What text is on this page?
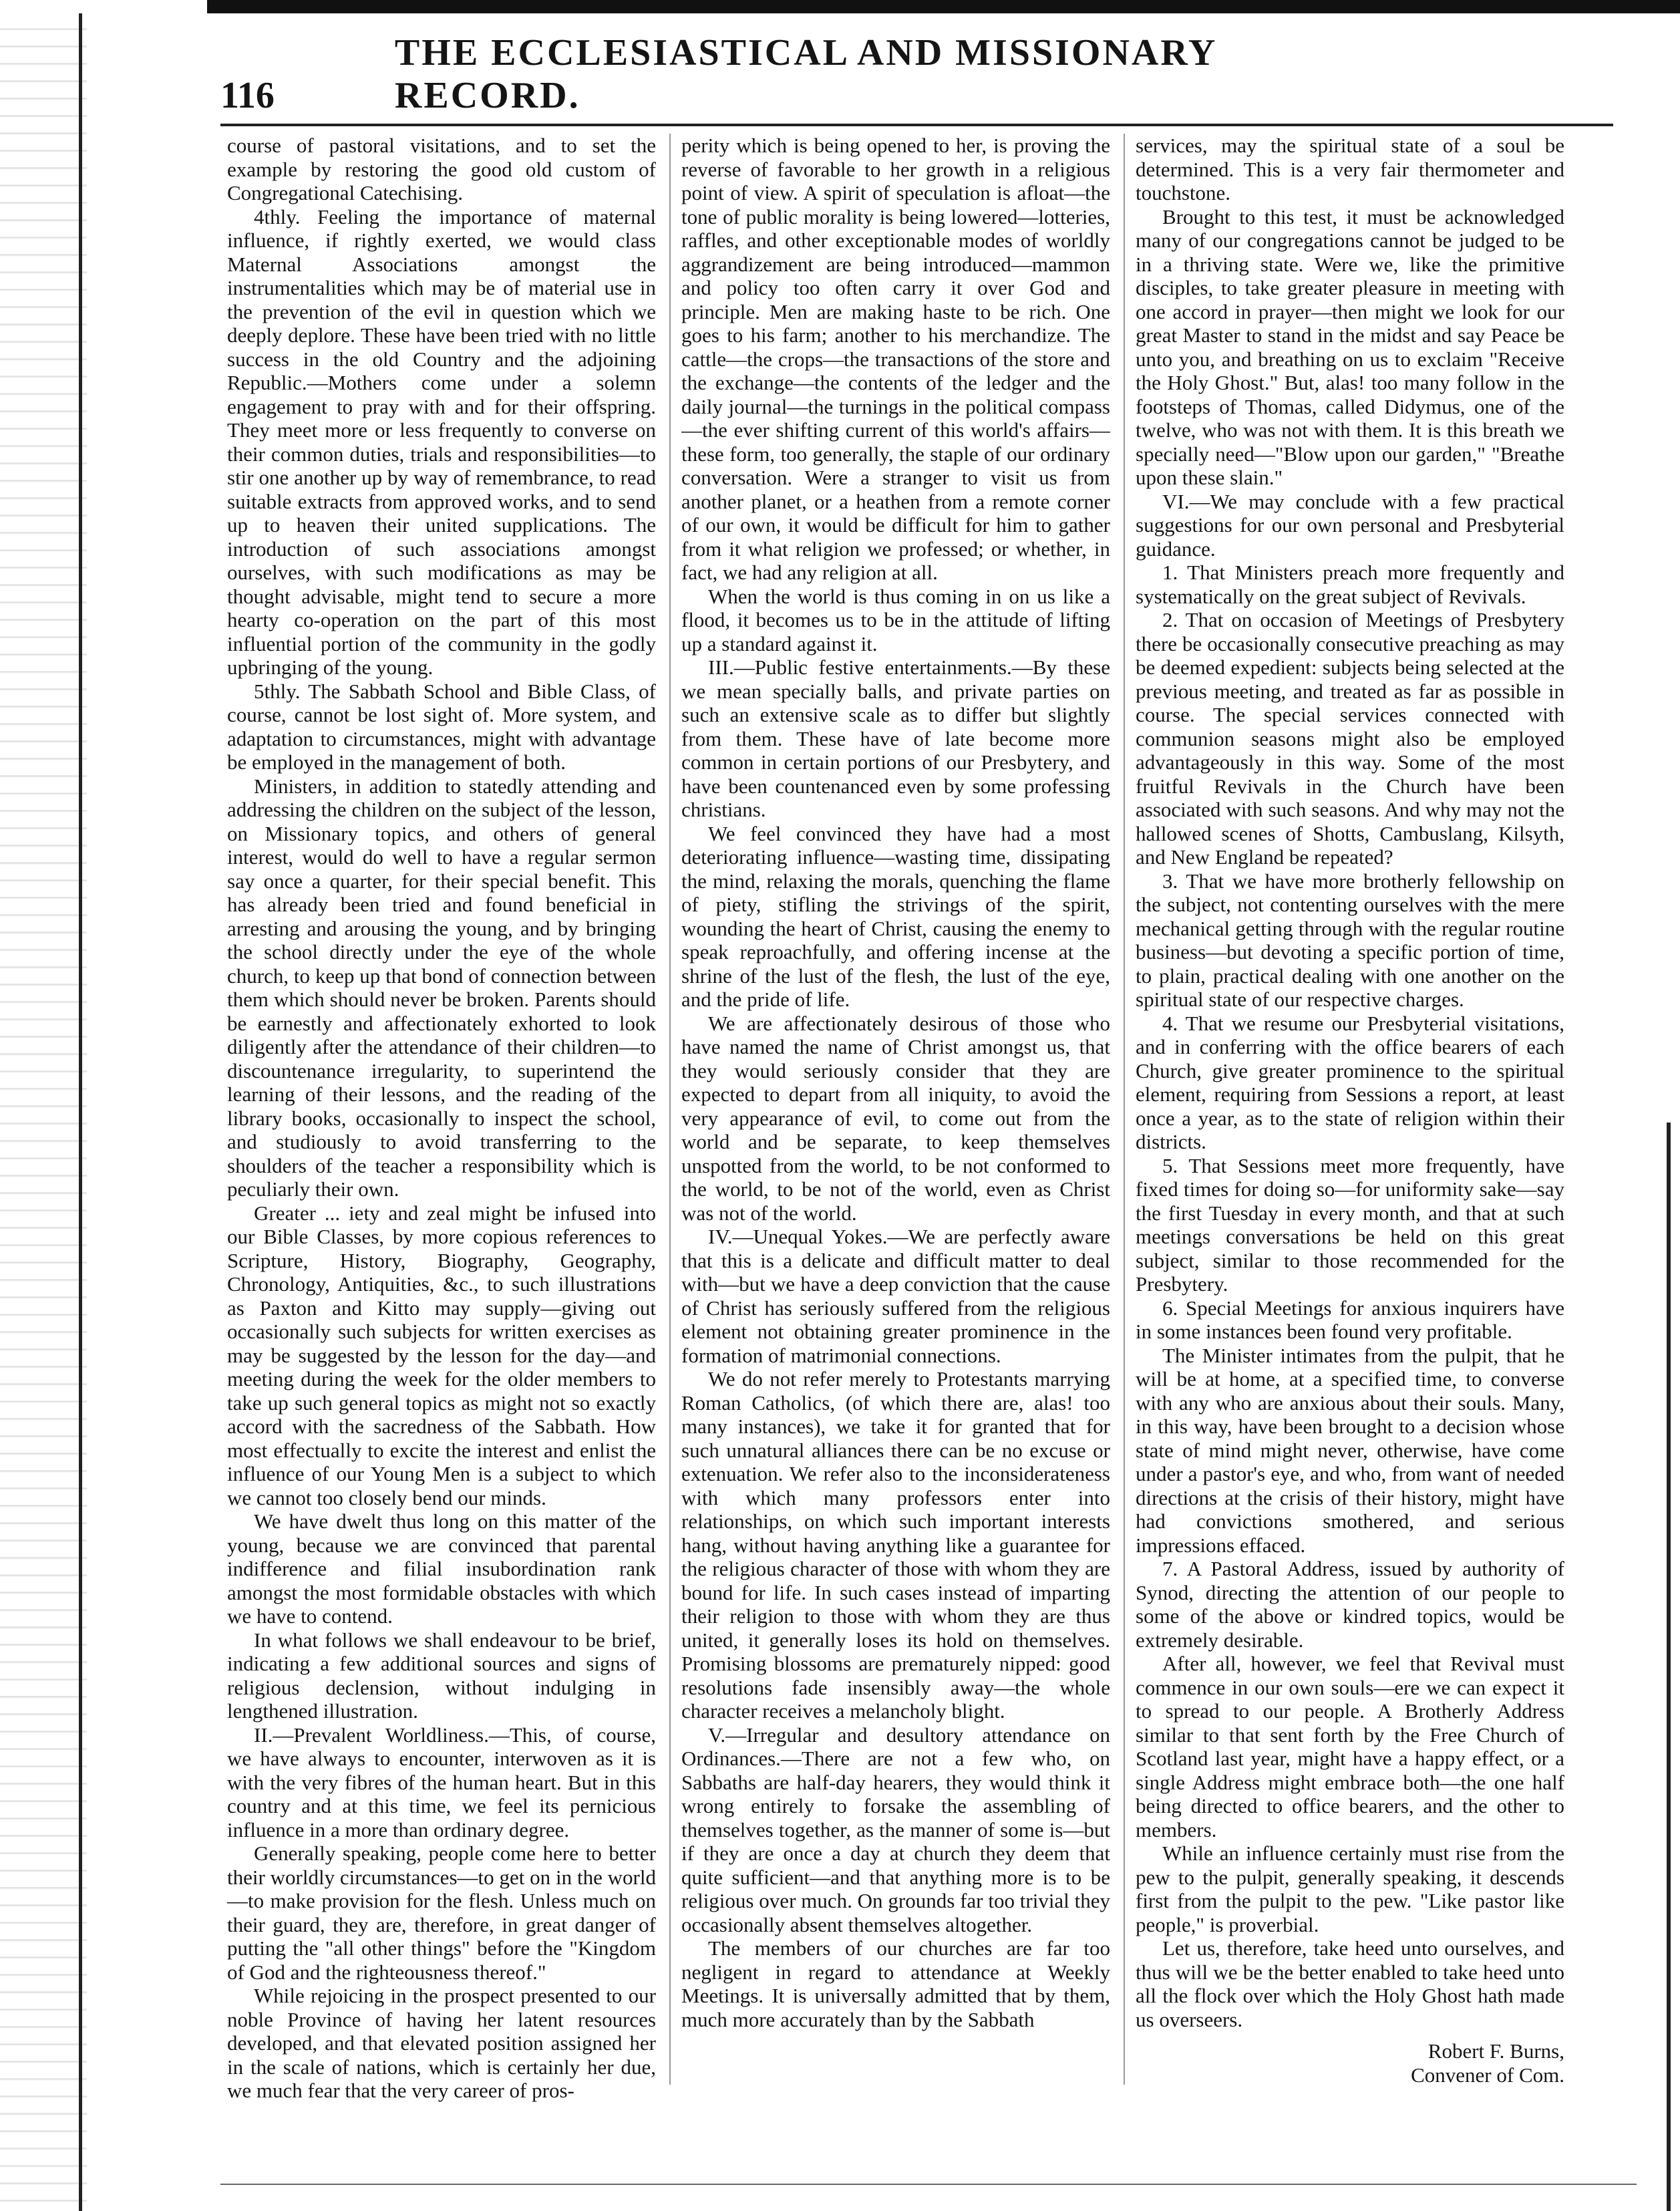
116
THE ECCLESIASTICAL AND MISSIONARY RECORD.

course of pastoral visitations, and to set the example by restoring the good old custom of Congregational Catechising.

4thly. Feeling the importance of maternal influence, if rightly exerted, we would class Maternal Associations amongst the instrumentalities which may be of material use in the prevention of the evil in question which we deeply deplore. These have been tried with no little success in the old Country and the adjoining Republic.—Mothers come under a solemn engagement to pray with and for their offspring. They meet more or less frequently to converse on their common duties, trials and responsibilities—to stir one another up by way of remembrance, to read suitable extracts from approved works, and to send up to heaven their united supplications. The introduction of such associations amongst ourselves, with such modifications as may be thought advisable, might tend to secure a more hearty co-operation on the part of this most influential portion of the community in the godly upbringing of the young.

5thly. The Sabbath School and Bible Class, of course, cannot be lost sight of. More system, and adaptation to circumstances, might with advantage be employed in the management of both.

Ministers, in addition to statedly attending and addressing the children on the subject of the lesson, on Missionary topics, and others of general interest, would do well to have a regular sermon say once a quarter, for their special benefit. This has already been tried and found beneficial in arresting and arousing the young, and by bringing the school directly under the eye of the whole church, to keep up that bond of connection between them which should never be broken. Parents should be earnestly and affectionately exhorted to look diligently after the attendance of their children—to discountenance irregularity, to superintend the learning of their lessons, and the reading of the library books, occasionally to inspect the school, and studiously to avoid transferring to the shoulders of the teacher a responsibility which is peculiarly their own.

Greater ... iety and zeal might be infused into our Bible Classes, by more copious references to Scripture, History, Biography, Geography, Chronology, Antiquities, &c., to such illustrations as Paxton and Kitto may supply—giving out occasionally such subjects for written exercises as may be suggested by the lesson for the day—and meeting during the week for the older members to take up such general topics as might not so exactly accord with the sacredness of the Sabbath. How most effectually to excite the interest and enlist the influence of our Young Men is a subject to which we cannot too closely bend our minds.

We have dwelt thus long on this matter of the young, because we are convinced that parental indifference and filial insubordination rank amongst the most formidable obstacles with which we have to contend.

In what follows we shall endeavour to be brief, indicating a few additional sources and signs of religious declension, without indulging in lengthened illustration.

II.—Prevalent Worldliness.—This, of course, we have always to encounter, interwoven as it is with the very fibres of the human heart. But in this country and at this time, we feel its pernicious influence in a more than ordinary degree.

Generally speaking, people come here to better their worldly circumstances—to get on in the world—to make provision for the flesh. Unless much on their guard, they are, therefore, in great danger of putting the "all other things" before the "Kingdom of God and the righteousness thereof."

While rejoicing in the prospect presented to our noble Province of having her latent resources developed, and that elevated position assigned her in the scale of nations, which is certainly her due, we much fear that the very career of pros-

perity which is being opened to her, is proving the reverse of favorable to her growth in a religious point of view. A spirit of speculation is afloat—the tone of public morality is being lowered—lotteries, raffles, and other exceptionable modes of worldly aggrandizement are being introduced—mammon and policy too often carry it over God and principle. Men are making haste to be rich. One goes to his farm; another to his merchandize. The cattle—the crops—the transactions of the store and the exchange—the contents of the ledger and the daily journal—the turnings in the political compass—the ever shifting current of this world's affairs—these form, too generally, the staple of our ordinary conversation. Were a stranger to visit us from another planet, or a heathen from a remote corner of our own, it would be difficult for him to gather from it what religion we professed; or whether, in fact, we had any religion at all.

When the world is thus coming in on us like a flood, it becomes us to be in the attitude of lifting up a standard against it.

III.—Public festive entertainments.—By these we mean specially balls, and private parties on such an extensive scale as to differ but slightly from them. These have of late become more common in certain portions of our Presbytery, and have been countenanced even by some professing christians.

We feel convinced they have had a most deteriorating influence—wasting time, dissipating the mind, relaxing the morals, quenching the flame of piety, stifling the strivings of the spirit, wounding the heart of Christ, causing the enemy to speak reproachfully, and offering incense at the shrine of the lust of the flesh, the lust of the eye, and the pride of life.

We are affectionately desirous of those who have named the name of Christ amongst us, that they would seriously consider that they are expected to depart from all iniquity, to avoid the very appearance of evil, to come out from the world and be separate, to keep themselves unspotted from the world, to be not conformed to the world, to be not of the world, even as Christ was not of the world.

IV.—Unequal Yokes.—We are perfectly aware that this is a delicate and difficult matter to deal with—but we have a deep conviction that the cause of Christ has seriously suffered from the religious element not obtaining greater prominence in the formation of matrimonial connections.

We do not refer merely to Protestants marrying Roman Catholics, (of which there are, alas! too many instances), we take it for granted that for such unnatural alliances there can be no excuse or extenuation. We refer also to the inconsiderateness with which many professors enter into relationships, on which such important interests hang, without having anything like a guarantee for the religious character of those with whom they are bound for life. In such cases instead of imparting their religion to those with whom they are thus united, it generally loses its hold on themselves. Promising blossoms are prematurely nipped: good resolutions fade insensibly away—the whole character receives a melancholy blight.

V.—Irregular and desultory attendance on Ordinances.—There are not a few who, on Sabbaths are half-day hearers, they would think it wrong entirely to forsake the assembling of themselves together, as the manner of some is—but if they are once a day at church they deem that quite sufficient—and that anything more is to be religious over much. On grounds far too trivial they occasionally absent themselves altogether.

The members of our churches are far too negligent in regard to attendance at Weekly Meetings. It is universally admitted that by them, much more accurately than by the Sabbath

services, may the spiritual state of a soul be determined. This is a very fair thermometer and touchstone.

Brought to this test, it must be acknowledged many of our congregations cannot be judged to be in a thriving state. Were we, like the primitive disciples, to take greater pleasure in meeting with one accord in prayer—then might we look for our great Master to stand in the midst and say Peace be unto you, and breathing on us to exclaim "Receive the Holy Ghost." But, alas! too many follow in the footsteps of Thomas, called Didymus, one of the twelve, who was not with them. It is this breath we specially need—"Blow upon our garden," "Breathe upon these slain."

VI.—We may conclude with a few practical suggestions for our own personal and Presbyterial guidance.

1. That Ministers preach more frequently and systematically on the great subject of Revivals.

2. That on occasion of Meetings of Presbytery there be occasionally consecutive preaching as may be deemed expedient: subjects being selected at the previous meeting, and treated as far as possible in course. The special services connected with communion seasons might also be employed advantageously in this way. Some of the most fruitful Revivals in the Church have been associated with such seasons. And why may not the hallowed scenes of Shotts, Cambuslang, Kilsyth, and New England be repeated?

3. That we have more brotherly fellowship on the subject, not contenting ourselves with the mere mechanical getting through with the regular routine business—but devoting a specific portion of time, to plain, practical dealing with one another on the spiritual state of our respective charges.

4. That we resume our Presbyterial visitations, and in conferring with the office bearers of each Church, give greater prominence to the spiritual element, requiring from Sessions a report, at least once a year, as to the state of religion within their districts.

5. That Sessions meet more frequently, have fixed times for doing so—for uniformity sake—say the first Tuesday in every month, and that at such meetings conversations be held on this great subject, similar to those recommended for the Presbytery.

6. Special Meetings for anxious inquirers have in some instances been found very profitable.

The Minister intimates from the pulpit, that he will be at home, at a specified time, to converse with any who are anxious about their souls. Many, in this way, have been brought to a decision whose state of mind might never, otherwise, have come under a pastor's eye, and who, from want of needed directions at the crisis of their history, might have had convictions smothered, and serious impressions effaced.

7. A Pastoral Address, issued by authority of Synod, directing the attention of our people to some of the above or kindred topics, would be extremely desirable.

After all, however, we feel that Revival must commence in our own souls—ere we can expect it to spread to our people. A Brotherly Address similar to that sent forth by the Free Church of Scotland last year, might have a happy effect, or a single Address might embrace both—the one half being directed to office bearers, and the other to members.

While an influence certainly must rise from the pew to the pulpit, generally speaking, it descends first from the pulpit to the pew. "Like pastor like people," is proverbial.

Let us, therefore, take heed unto ourselves, and thus will we be the better enabled to take heed unto all the flock over which the Holy Ghost hath made us overseers.

Robert F. Burns,
Convener of Com.
